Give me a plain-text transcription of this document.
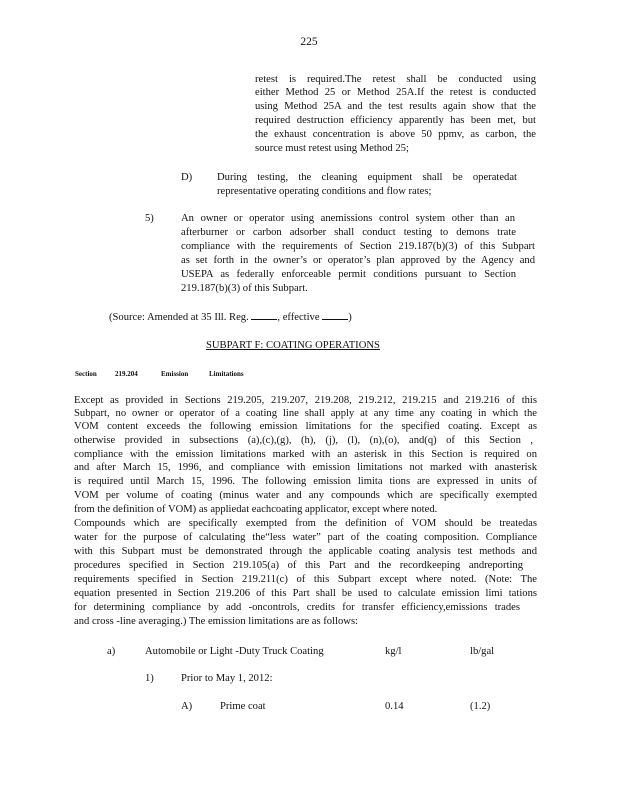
225
retest is required.The retest shall be conducted using
either Method 25 or Method 25A.If the retest is conducted
using Method 25A and the test results again show that the
required destruction efficiency apparently has been met, but
the exhaust concentration is above 50 ppmv, as carbon, the
source must retest using Method 25;
D) During testing, the cleaning equipment shall be operatedat
representative operating conditions and flow rates;
5)	An owner or operator using anemissions control system other than an
afterburner or carbon adsorber shall conduct testing to demons trate
compliance with the requirements of Section 219.187(b)(3) of this Subpart
as set forth in the owner’s or operator’s plan approved by the Agency and
USEPA as federally enforceable permit conditions pursuant to Section
219.187(b)(3) of this Subpart.
(Source: Amended at 35 Ill. Reg.	, effective	)
SUBPART F: COATING OPERATIONS
Section	219.204	Emission	Limitations
Except as provided in Sections 219.205, 219.207, 219.208, 219.212, 219.215 and 219.216 of this
Subpart, no owner or operator of a coating line shall apply at any time any coating in which the
VOM content exceeds the following emission limitations for the specified coating. Except as
otherwise provided in subsections (a),(c),(g), (h), (j), (l), (n),(o), and(q) of this Section ,
compliance with the emission limitations marked with an asterisk in this Section is required on
and after March 15, 1996, and compliance with emission limitations not marked with anasterisk
is required until March 15, 1996. The following emission limita tions are expressed in units of
VOM per volume of coating (minus water and any compounds which are specifically exempted
from the definition of VOM) as appliedat eachcoating applicator, except where noted.
Compounds which are specifically exempted from the definition of VOM should be treatedas
water for the purpose of calculating the“less water” part of the coating composition. Compliance
with this Subpart must be demonstrated through the applicable coating analysis test methods and
procedures specified in Section 219.105(a) of this Part and the recordkeeping andreporting
requirements specified in Section 219.211(c) of this Subpart except where noted. (Note: The
equation presented in Section 219.206 of this Part shall be used to calculate emission limi tations
for determining compliance by add -oncontrols, credits for transfer efficiency,emissions trades
and cross -line averaging.) The emission limitations are as follows:
a)	Automobile or Light -Duty Truck Coating	kg/l	lb/gal
1)	Prior to May 1, 2012:
A)	Prime coat	0.14	(1.2)
